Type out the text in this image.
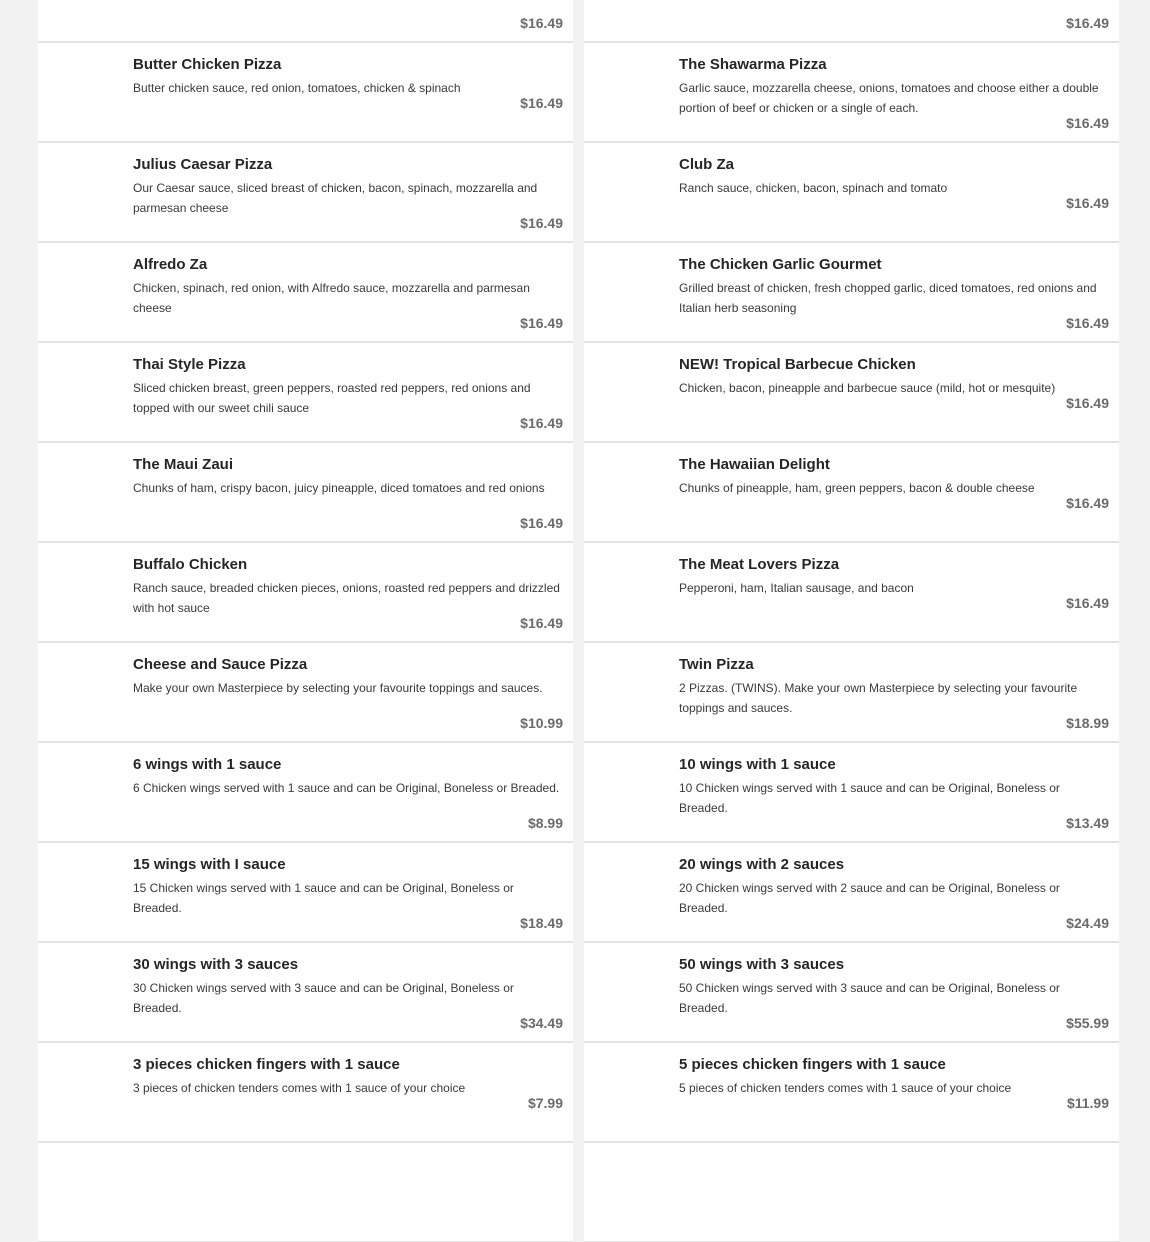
$16.49	$16.49
Butter Chicken Pizza
Butter chicken sauce, red onion, tomatoes, chicken & spinach
$16.49
The Shawarma Pizza
Garlic sauce, mozzarella cheese, onions, tomatoes and choose either a double portion of beef or chicken or a single of each.
$16.49
Julius Caesar Pizza
Our Caesar sauce, sliced breast of chicken, bacon, spinach, mozzarella and parmesan cheese
$16.49
Club Za
Ranch sauce, chicken, bacon, spinach and tomato
$16.49
Alfredo Za
Chicken, spinach, red onion, with Alfredo sauce, mozzarella and parmesan cheese
$16.49
The Chicken Garlic Gourmet
Grilled breast of chicken, fresh chopped garlic, diced tomatoes, red onions and Italian herb seasoning
$16.49
Thai Style Pizza
Sliced chicken breast, green peppers, roasted red peppers, red onions and topped with our sweet chili sauce
$16.49
NEW! Tropical Barbecue Chicken
Chicken, bacon, pineapple and barbecue sauce (mild, hot or mesquite)
$16.49
The Maui Zaui
Chunks of ham, crispy bacon, juicy pineapple, diced tomatoes and red onions
$16.49
The Hawaiian Delight
Chunks of pineapple, ham, green peppers, bacon & double cheese
$16.49
Buffalo Chicken
Ranch sauce, breaded chicken pieces, onions, roasted red peppers and drizzled with hot sauce
$16.49
The Meat Lovers Pizza
Pepperoni, ham, Italian sausage, and bacon
$16.49
Cheese and Sauce Pizza
Make your own Masterpiece by selecting your favourite toppings and sauces.
$10.99
Twin Pizza
2 Pizzas. (TWINS). Make your own Masterpiece by selecting your favourite toppings and sauces.
$18.99
6 wings with 1 sauce
6 Chicken wings served with 1 sauce and can be Original, Boneless or Breaded.
$8.99
10 wings with 1 sauce
10 Chicken wings served with 1 sauce and can be Original, Boneless or Breaded.
$13.49
15 wings with I sauce
15 Chicken wings served with 1 sauce and can be Original, Boneless or Breaded.
$18.49
20 wings with 2 sauces
20 Chicken wings served with 2 sauce and can be Original, Boneless or Breaded.
$24.49
30 wings with 3 sauces
30 Chicken wings served with 3 sauce and can be Original, Boneless or Breaded.
$34.49
50 wings with 3 sauces
50 Chicken wings served with 3 sauce and can be Original, Boneless or Breaded.
$55.99
3 pieces chicken fingers with 1 sauce
3 pieces of chicken tenders comes with 1 sauce of your choice
$7.99
5 pieces chicken fingers with 1 sauce
5 pieces of chicken tenders comes with 1 sauce of your choice
$11.99
